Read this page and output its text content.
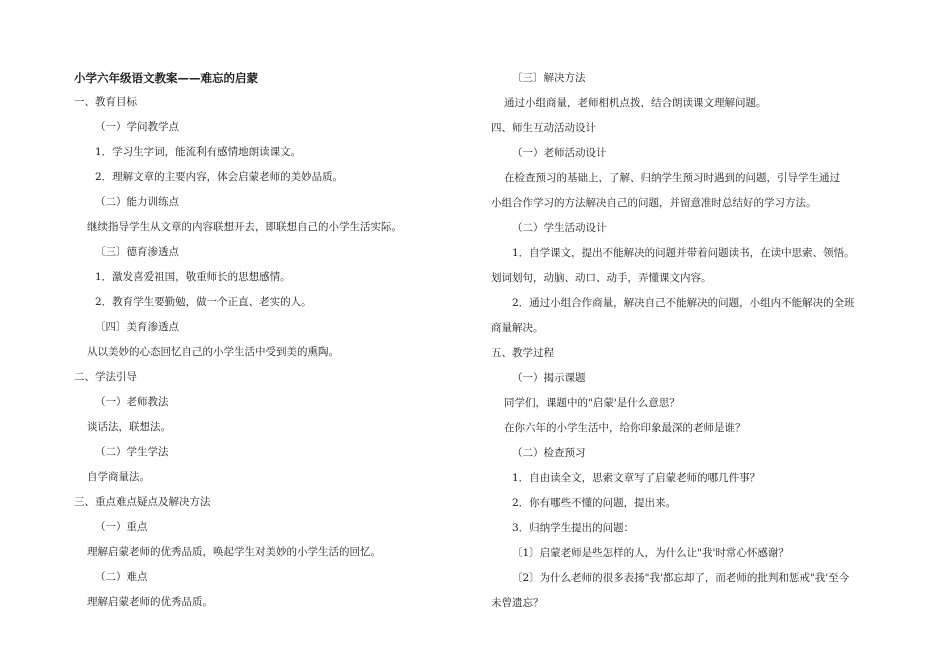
小学六年级语文教案——难忘的启蒙
一、教育目标
（一）学问教学点
1．学习生字词，能流利有感情地朗读课文。
2．理解文章的主要内容，体会启蒙老师的美妙品质。
（二）能力训练点
继续指导学生从文章的内容联想开去，即联想自己的小学生活实际。
〔三〕德育渗透点
1．激发喜爱祖国，敬重师长的思想感情。
2．教育学生要勤勉，做一个正直、老实的人。
〔四〕美育渗透点
从以美妙的心态回忆自己的小学生活中受到美的熏陶。
二、学法引导
（一）老师教法
谈话法，联想法。
（二）学生学法
自学商量法。
三、重点难点疑点及解决方法
（一）重点
理解启蒙老师的优秀品质，唤起学生对美妙的小学生活的回忆。
（二）难点
理解启蒙老师的优秀品质。
〔三〕解决方法
通过小组商量，老师相机点拨，结合朗读课文理解问题。
四、师生互动活动设计
（一）老师活动设计
在检查预习的基础上，了解、归纳学生预习时遇到的问题，引导学生通过
小组合作学习的方法解决自己的问题，并留意准时总结好的学习方法。
（二）学生活动设计
1．自学课文，提出不能解决的问题并带着问题读书，在读中思索、领悟。
划词划句，动脑、动口、动手，弄懂课文内容。
2．通过小组合作商量，解决自己不能解决的问题，小组内不能解决的全班
商量解决。
五、教学过程
（一）揭示课题
同学们，课题中的"启蒙'是什么意思？
在你六年的小学生活中，给你印象最深的老师是谁？
（二）检查预习
1．自由读全文，思索文章写了启蒙老师的哪几件事？
2．你有哪些不懂的问题，提出来。
3．归纳学生提出的问题：
〔1〕启蒙老师是些怎样的人，为什么让"我'时常心怀感谢？
〔2〕为什么老师的很多表扬"我'都忘却了，而老师的批判和惩戒"我'至今
未曾遗忘？
